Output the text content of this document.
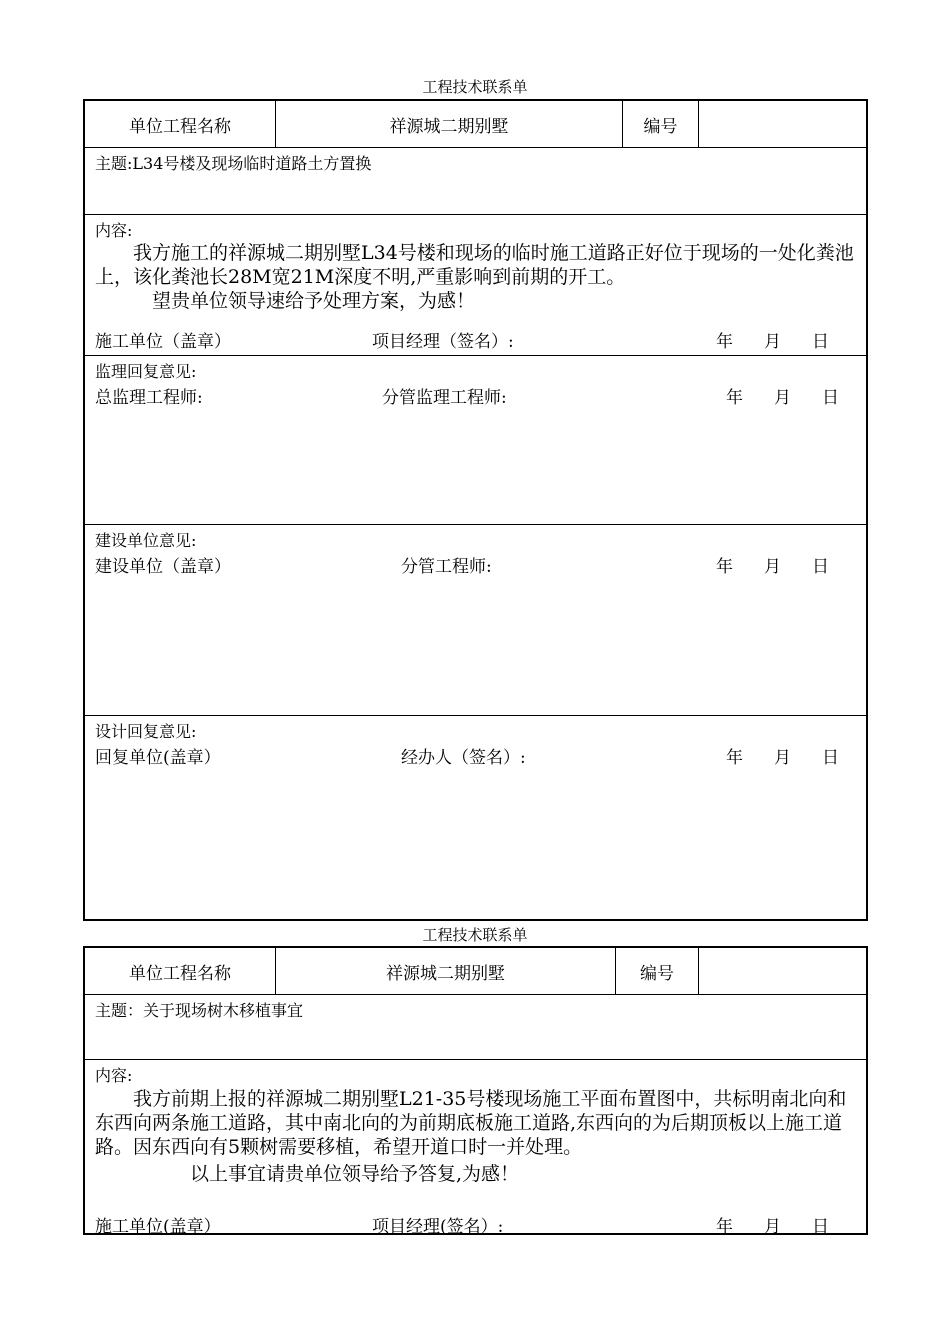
工程技术联系单
单位工程名称	祥源城二期别墅	编号
主题:L34号楼及现场临时道路土方置换
内容:

　　我方施工的祥源城二期别墅L34号楼和现场的临时施工道路正好位于现场的一处化粪池上，该化粪池长28M宽21M深度不明,严重影响到前期的开工。

　　　望贵单位领导速给予处理方案，为感！

施工单位（盖章）	项目经理（签名）:	年 月 日
监理回复意见:
总监理工程师:	分管监理工程师:	年 月 日
建设单位意见:
建设单位（盖章）	分管工程师:	年 月 日
设计回复意见:
回复单位(盖章）	经办人（签名）:	年 月 日
工程技术联系单
单位工程名称	祥源城二期别墅	编号
主题：关于现场树木移植事宜
内容:

　　我方前期上报的祥源城二期别墅L21-35号楼现场施工平面布置图中，共标明南北向和东西向两条施工道路，其中南北向的为前期底板施工道路,东西向的为后期顶板以上施工道路。因东西向有5颗树需要移植，希望开道口时一并处理。

　　　　　以上事宜请贵单位领导给予答复,为感！

施工单位(盖章）	项目经理(签名）:	年 月 日
